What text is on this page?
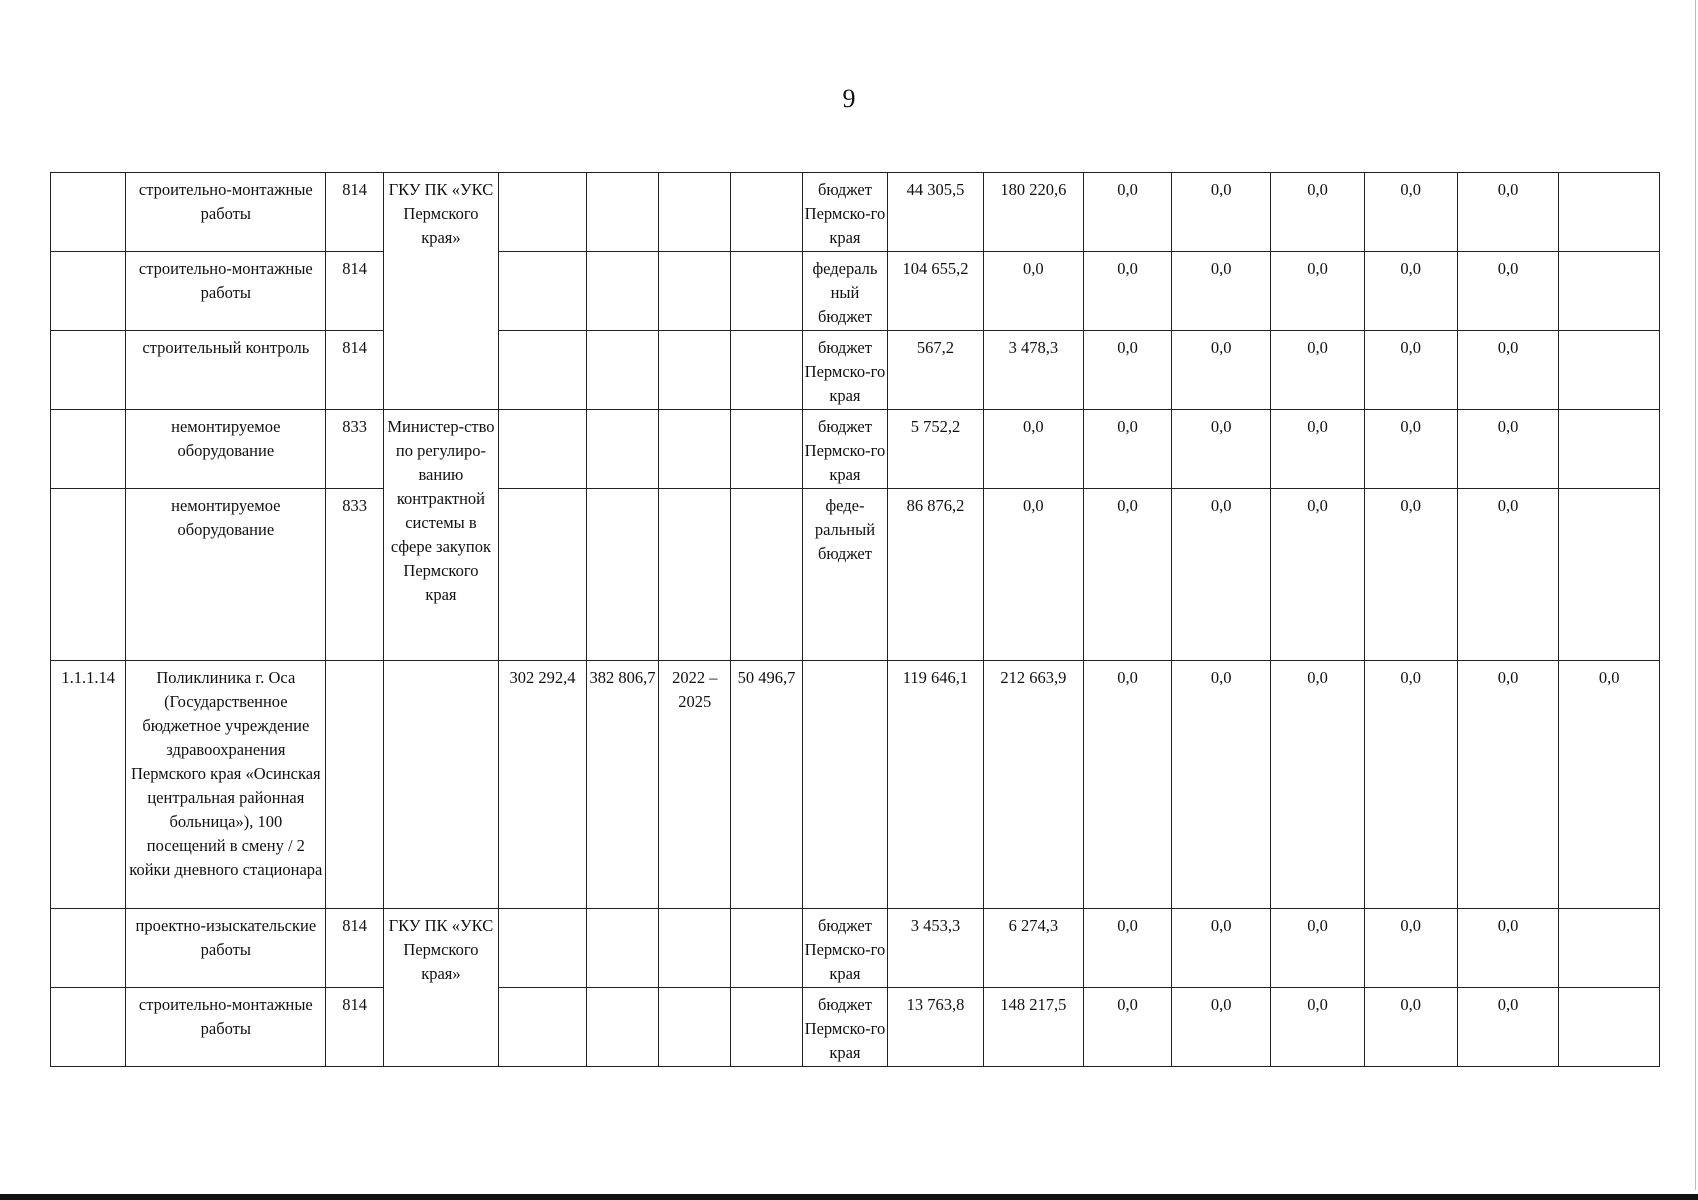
9
	строительно-монтажные работы	814	ГКУ ПК «УКС Пермского края»					бюджет Пермско-го края	44 305,5	180 220,6	0,0	0,0	0,0	0,0	0,0	
	строительно-монтажные работы	814						федераль ный бюджет	104 655,2	0,0	0,0	0,0	0,0	0,0	0,0	
	строительный контроль	814						бюджет Пермско-го края	567,2	3 478,3	0,0	0,0	0,0	0,0	0,0	
	немонтируемое оборудование	833	Министер-ство по регулиро-ванию контрактной системы в сфере закупок Пермского края					бюджет Пермско-го края	5 752,2	0,0	0,0	0,0	0,0	0,0	0,0	
	немонтируемое оборудование	833						феде-ральный бюджет	86 876,2	0,0	0,0	0,0	0,0	0,0	0,0	
1.1.1.14	Поликлиника г. Оса (Государственное бюджетное учреждение здравоохранения Пермского края «Осинская центральная районная больница»), 100 посещений в смену / 2 койки дневного стационара			302 292,4	382 806,7	2022 – 2025	50 496,7		119 646,1	212 663,9	0,0	0,0	0,0	0,0	0,0	0,0
	проектно-изыскательские работы	814	ГКУ ПК «УКС Пермского края»					бюджет Пермско-го края	3 453,3	6 274,3	0,0	0,0	0,0	0,0	0,0	
	строительно-монтажные работы	814						бюджет Пермско-го края	13 763,8	148 217,5	0,0	0,0	0,0	0,0	0,0	
